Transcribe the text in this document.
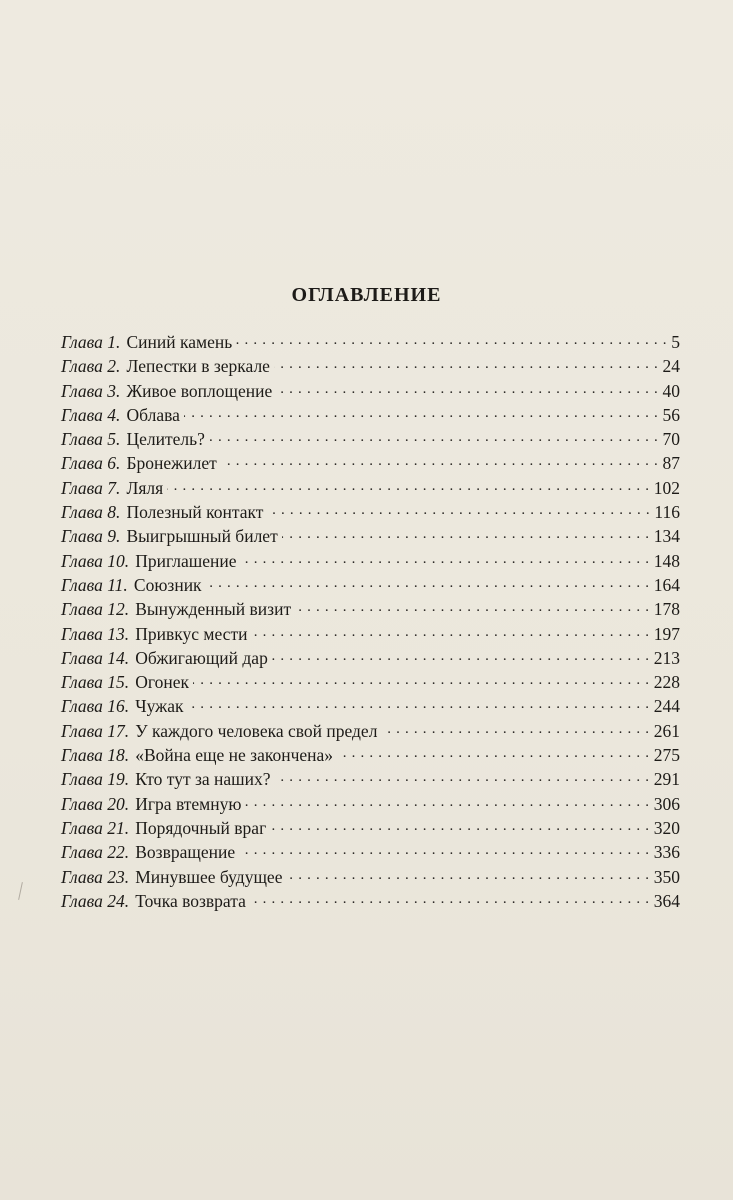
ОГЛАВЛЕНИЕ
Глава 1. Синий камень . . .	5
Глава 2. Лепестки в зеркале . . .	24
Глава 3. Живое воплощение . . .	40
Глава 4. Облава . . .	56
Глава 5. Целитель? . . .	70
Глава 6. Бронежилет . . .	87
Глава 7. Ляля . . .	102
Глава 8. Полезный контакт . . .	116
Глава 9. Выигрышный билет . . .	134
Глава 10. Приглашение . . .	148
Глава 11. Союзник . . .	164
Глава 12. Вынужденный визит . . .	178
Глава 13. Привкус мести . . .	197
Глава 14. Обжигающий дар . . .	213
Глава 15. Огонек . . .	228
Глава 16. Чужак . . .	244
Глава 17. У каждого человека свой предел . . .	261
Глава 18. «Война еще не закончена» . . .	275
Глава 19. Кто тут за наших? . . .	291
Глава 20. Игра втемную . . .	306
Глава 21. Порядочный враг . . .	320
Глава 22. Возвращение . . .	336
Глава 23. Минувшее будущее . . .	350
Глава 24. Точка возврата . . .	364
